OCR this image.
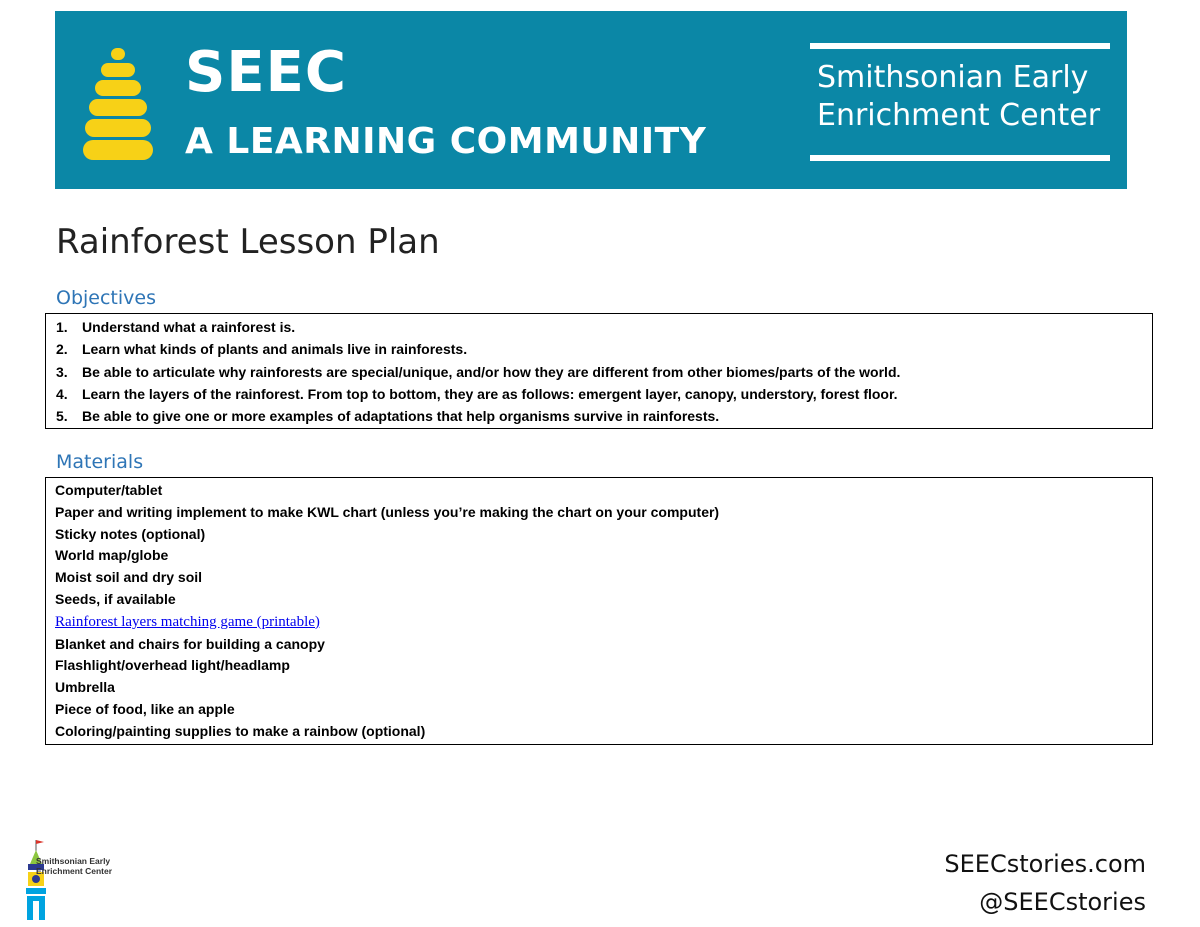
SEEC
A LEARNING COMMUNITY
Smithsonian Early Enrichment Center
Rainforest Lesson Plan
Objectives
1. Understand what a rainforest is.
2. Learn what kinds of plants and animals live in rainforests.
3. Be able to articulate why rainforests are special/unique, and/or how they are different from other biomes/parts of the world.
4. Learn the layers of the rainforest. From top to bottom, they are as follows: emergent layer, canopy, understory, forest floor.
5. Be able to give one or more examples of adaptations that help organisms survive in rainforests.
Materials
Computer/tablet
Paper and writing implement to make KWL chart (unless you’re making the chart on your computer)
Sticky notes (optional)
World map/globe
Moist soil and dry soil
Seeds, if available
Rainforest layers matching game (printable)
Blanket and chairs for building a canopy
Flashlight/overhead light/headlamp
Umbrella
Piece of food, like an apple
Coloring/painting supplies to make a rainbow (optional)
Smithsonian Early
Enrichment Center	SEECstories.com
@SEECstories
